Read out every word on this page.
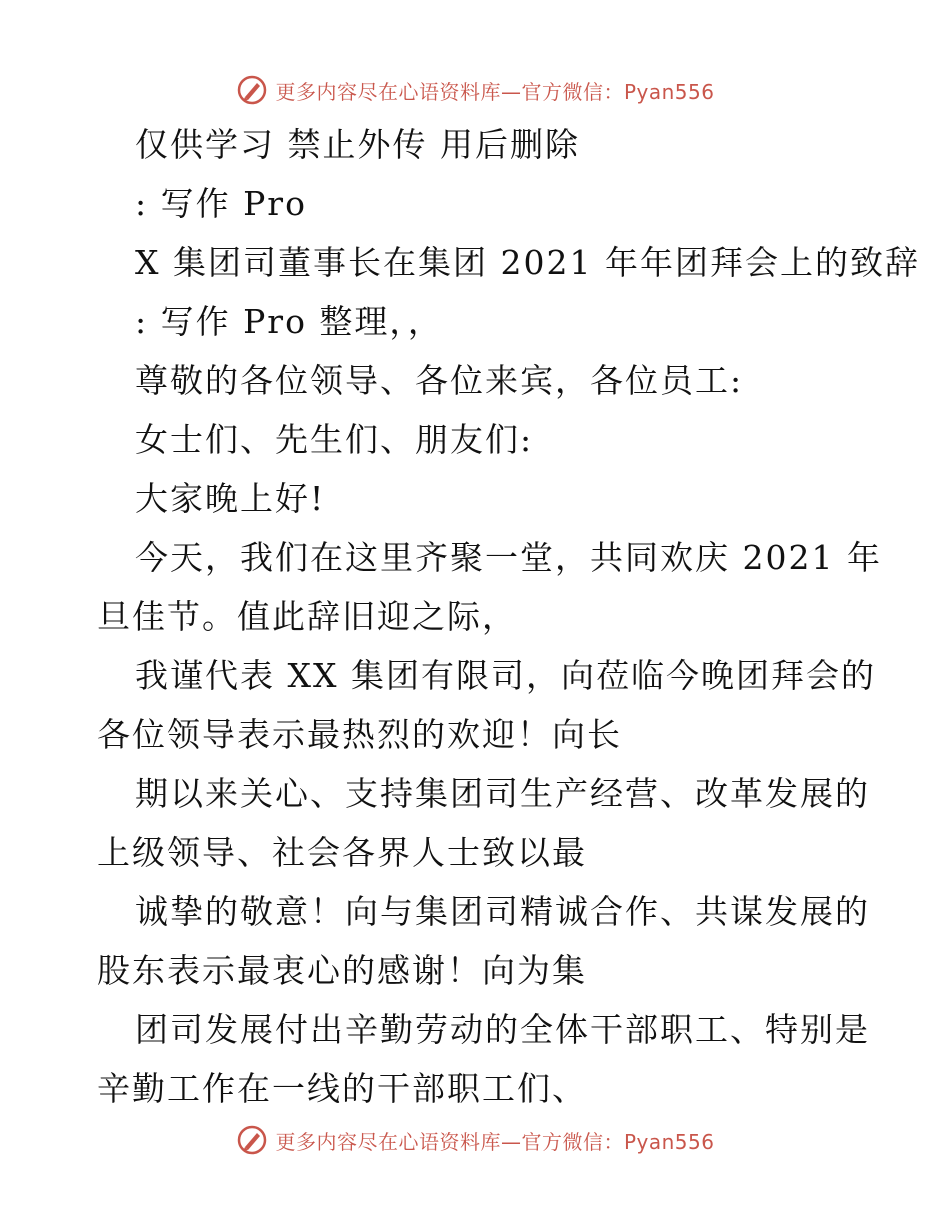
更多内容尽在心语资料库—官方微信：Pyan556
仅供学习 禁止外传 用后删除
: 写作 Pro
X 集团司董事长在集团 2021 年年团拜会上的致辞
: 写作 Pro 整理，，
尊敬的各位领导、各位来宾，各位员工:
女士们、先生们、朋友们:
大家晚上好!
今天，我们在这里齐聚一堂，共同欢庆 2021 年
旦佳节。值此辞旧迎之际，
我谨代表 XX 集团有限司，向莅临今晚团拜会的
各位领导表示最热烈的欢迎！向长
期以来关心、支持集团司生产经营、改革发展的
上级领导、社会各界人士致以最
诚挚的敬意！向与集团司精诚合作、共谋发展的
股东表示最衷心的感谢！向为集
团司发展付出辛勤劳动的全体干部职工、特别是
辛勤工作在一线的干部职工们、
更多内容尽在心语资料库—官方微信：Pyan556
